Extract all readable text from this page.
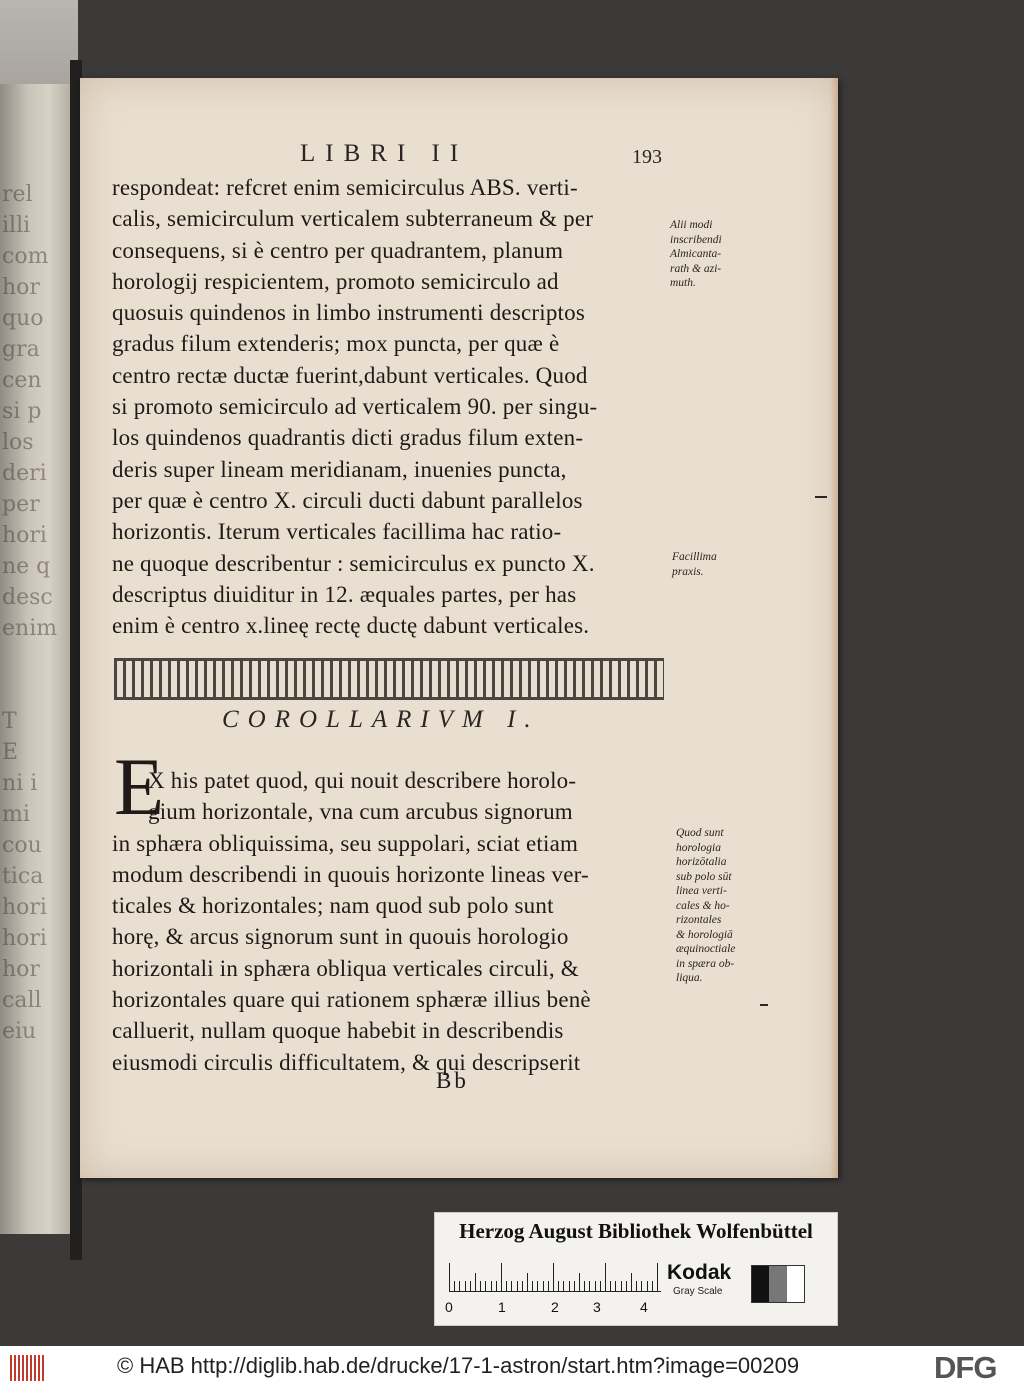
rel
illi
com
hor
quo
gra
cen
si p
los
deri
per
hori
ne q
desc
enim
T
E
ni i
mi
cou
tica
hori
hori
hor
call
eiu
LIBRI II	193
respondeat: refcret enim semicirculus ABS. verti-
calis, semicirculum verticalem subterraneum & per
consequens, si è centro per quadrantem, planum
horologij respicientem, promoto semicirculo ad
quosuis quindenos in limbo instrumenti descriptos
gradus filum extenderis; mox puncta, per quæ è
centro rectæ ductæ fuerint,dabunt verticales. Quod
si promoto semicirculo ad verticalem 90. per singu-
los quindenos quadrantis dicti gradus filum exten-
deris super lineam meridianam, inuenies puncta,
per quæ è centro X. circuli ducti dabunt parallelos
horizontis. Iterum verticales facillima hac ratio-
ne quoque describentur : semicirculus ex puncto X.
descriptus diuiditur in 12. æquales partes, per has
enim è centro x.lineę rectę ductę dabunt verticales.
Alii modi
inscribendi
Almicanta-
rath & azi-
muth.
Facillima
praxis.
COROLLARIVM I.
E
X his patet quod, qui nouit describere horolo-
gium horizontale, vna cum arcubus signorum
in sphæra obliquissima, seu suppolari, sciat etiam
modum describendi in quouis horizonte lineas ver-
ticales & horizontales; nam quod sub polo sunt
horę, & arcus signorum sunt in quouis horologio
horizontali in sphæra obliqua verticales circuli, &
horizontales quare qui rationem sphæræ illius benè
calluerit, nullam quoque habebit in describendis
eiusmodi circulis difficultatem, & qui descripserit
Quod sunt
horologia
horizōtalia
sub polo sūt
linea verti-
cales & ho-
rizontales
& horologiā
æquinoctiale
in spæra ob-
liqua.
Bb
Herzog August Bibliothek Wolfenbüttel
0	1	2 3	4
Kodak
Gray Scale
© HAB http://diglib.hab.de/drucke/17-1-astron/start.htm?image=00209	DFG
